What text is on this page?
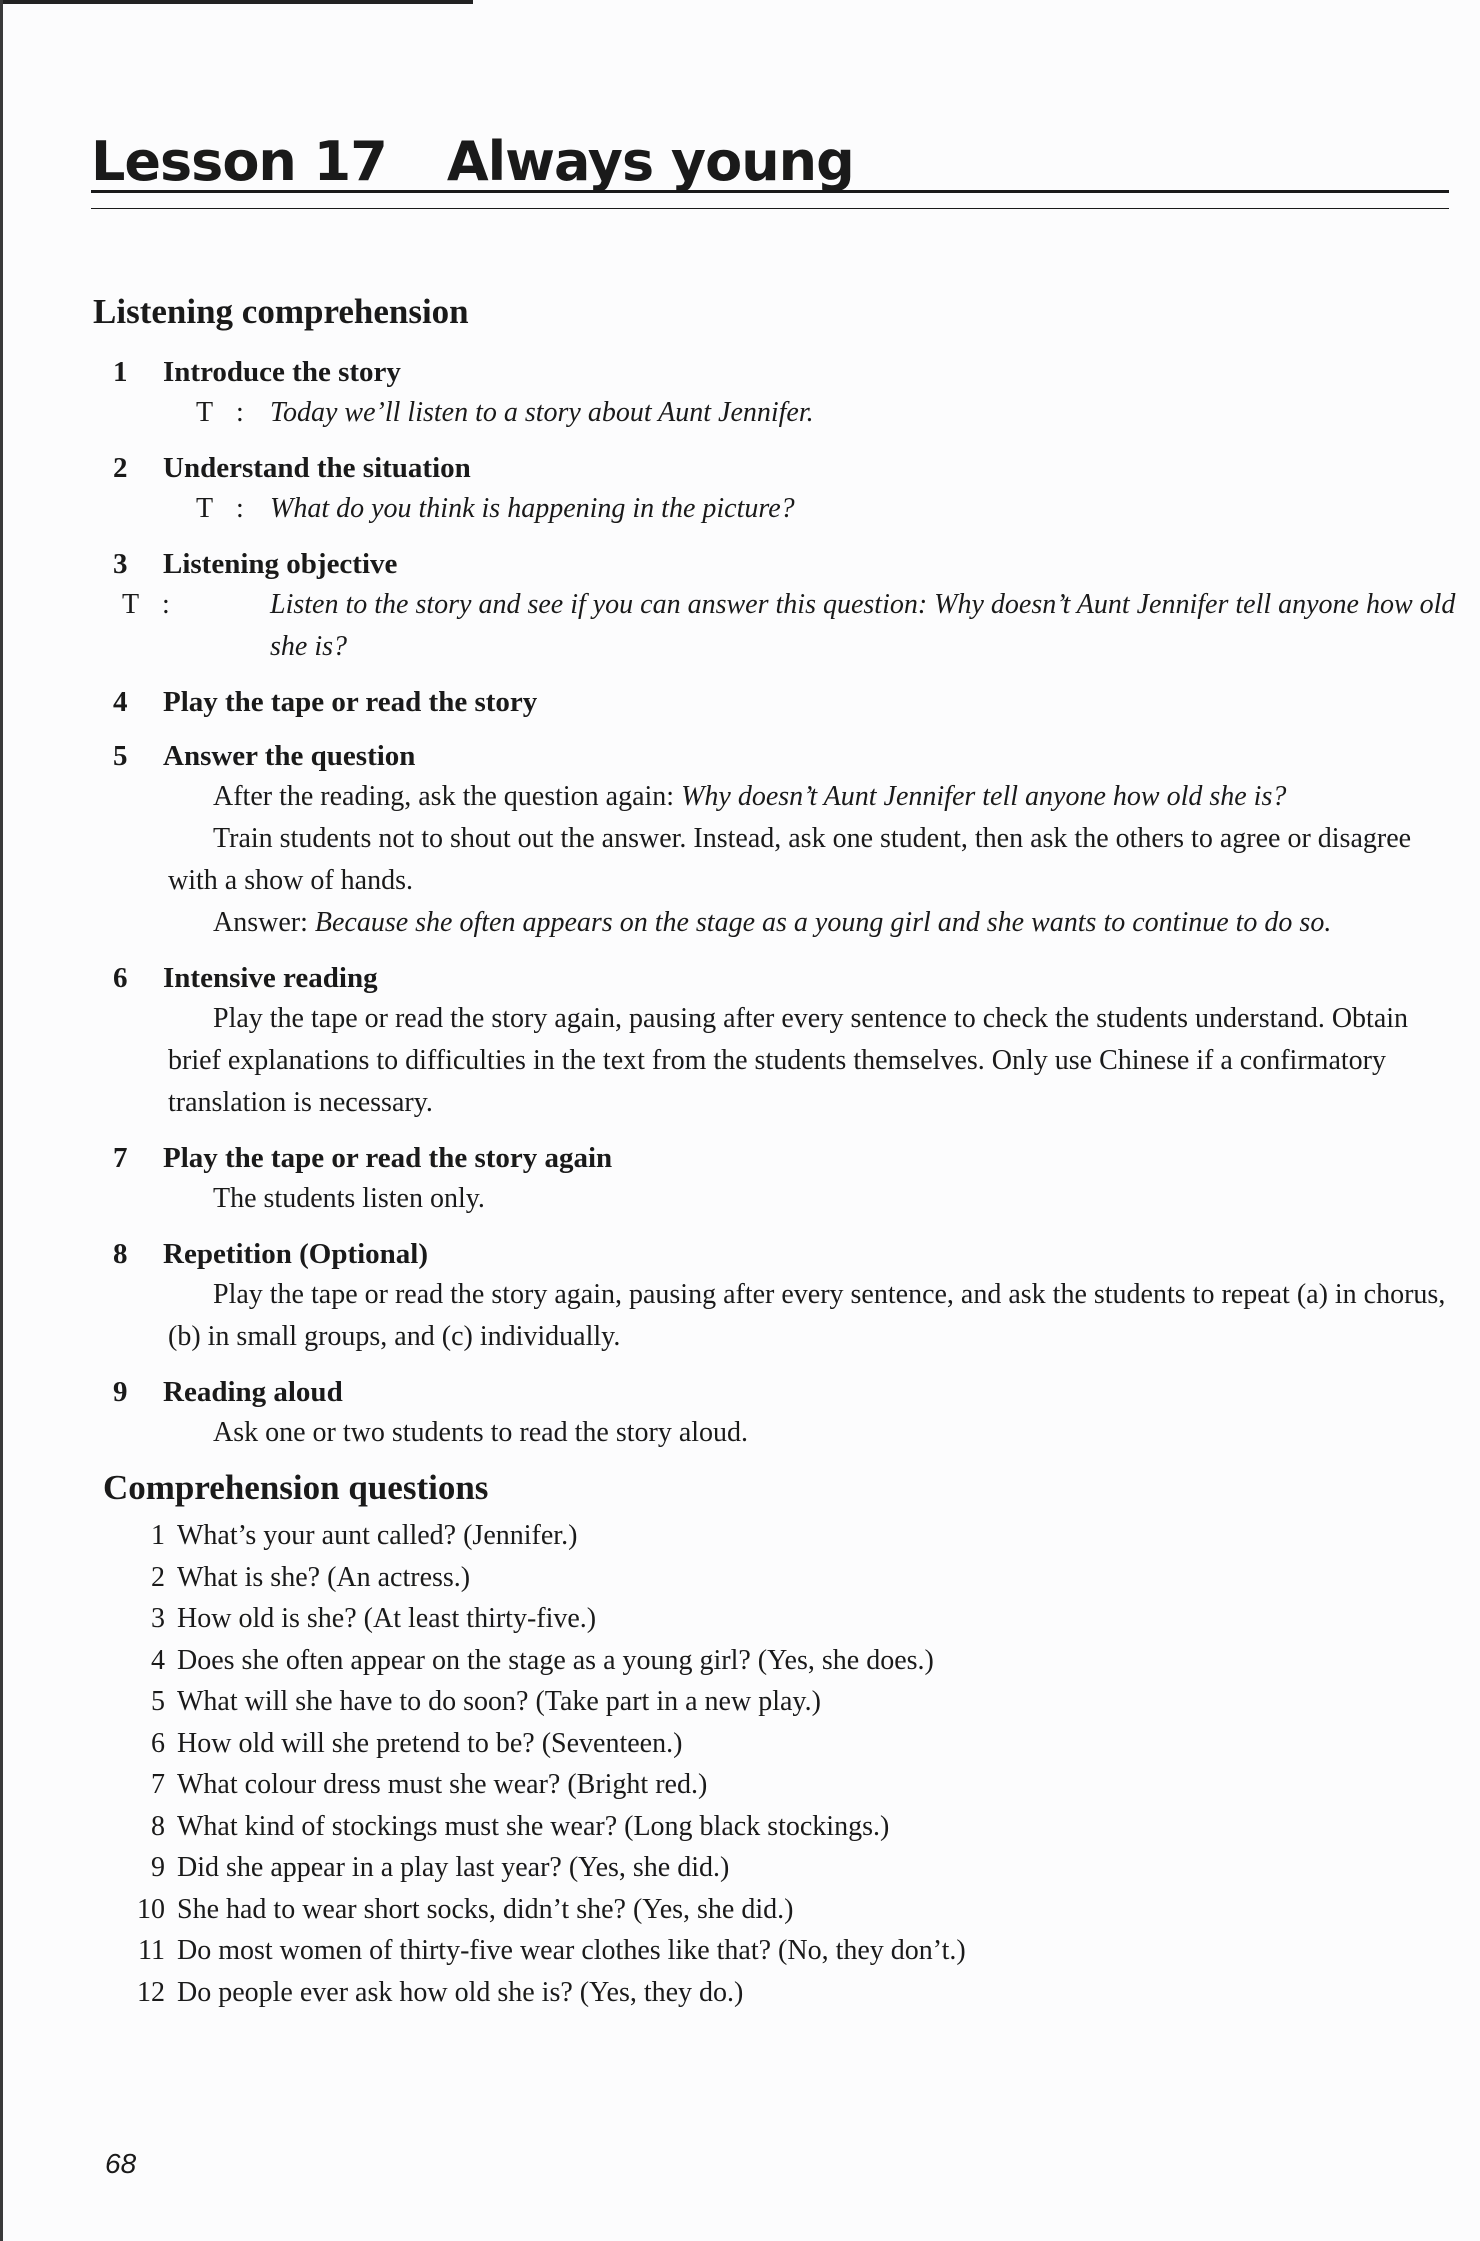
Lesson 17 Always young
Listening comprehension
1 Introduce the story
T : Today we’ll listen to a story about Aunt Jennifer.
2 Understand the situation
T : What do you think is happening in the picture?
3 Listening objective
T :	Listen to the story and see if you can answer this question: Why doesn’t Aunt Jennifer tell anyone how old she is?
4 Play the tape or read the story
5 Answer the question
After the reading, ask the question again: Why doesn’t Aunt Jennifer tell anyone how old she is?
Train students not to shout out the answer. Instead, ask one student, then ask the others to agree or disagree with a show of hands.
Answer: Because she often appears on the stage as a young girl and she wants to continue to do so.
6 Intensive reading
Play the tape or read the story again, pausing after every sentence to check the students understand. Obtain brief explanations to difficulties in the text from the students themselves. Only use Chinese if a confirmatory translation is necessary.
7 Play the tape or read the story again
The students listen only.
8 Repetition (Optional)
Play the tape or read the story again, pausing after every sentence, and ask the students to repeat (a) in chorus, (b) in small groups, and (c) individually.
9 Reading aloud
Ask one or two students to read the story aloud.
Comprehension questions
1 What’s your aunt called? (Jennifer.)
2 What is she? (An actress.)
3 How old is she? (At least thirty-five.)
4 Does she often appear on the stage as a young girl? (Yes, she does.)
5 What will she have to do soon? (Take part in a new play.)
6 How old will she pretend to be? (Seventeen.)
7 What colour dress must she wear? (Bright red.)
8 What kind of stockings must she wear? (Long black stockings.)
9 Did she appear in a play last year? (Yes, she did.)
10 She had to wear short socks, didn’t she? (Yes, she did.)
11 Do most women of thirty-five wear clothes like that? (No, they don’t.)
12 Do people ever ask how old she is? (Yes, they do.)
68
